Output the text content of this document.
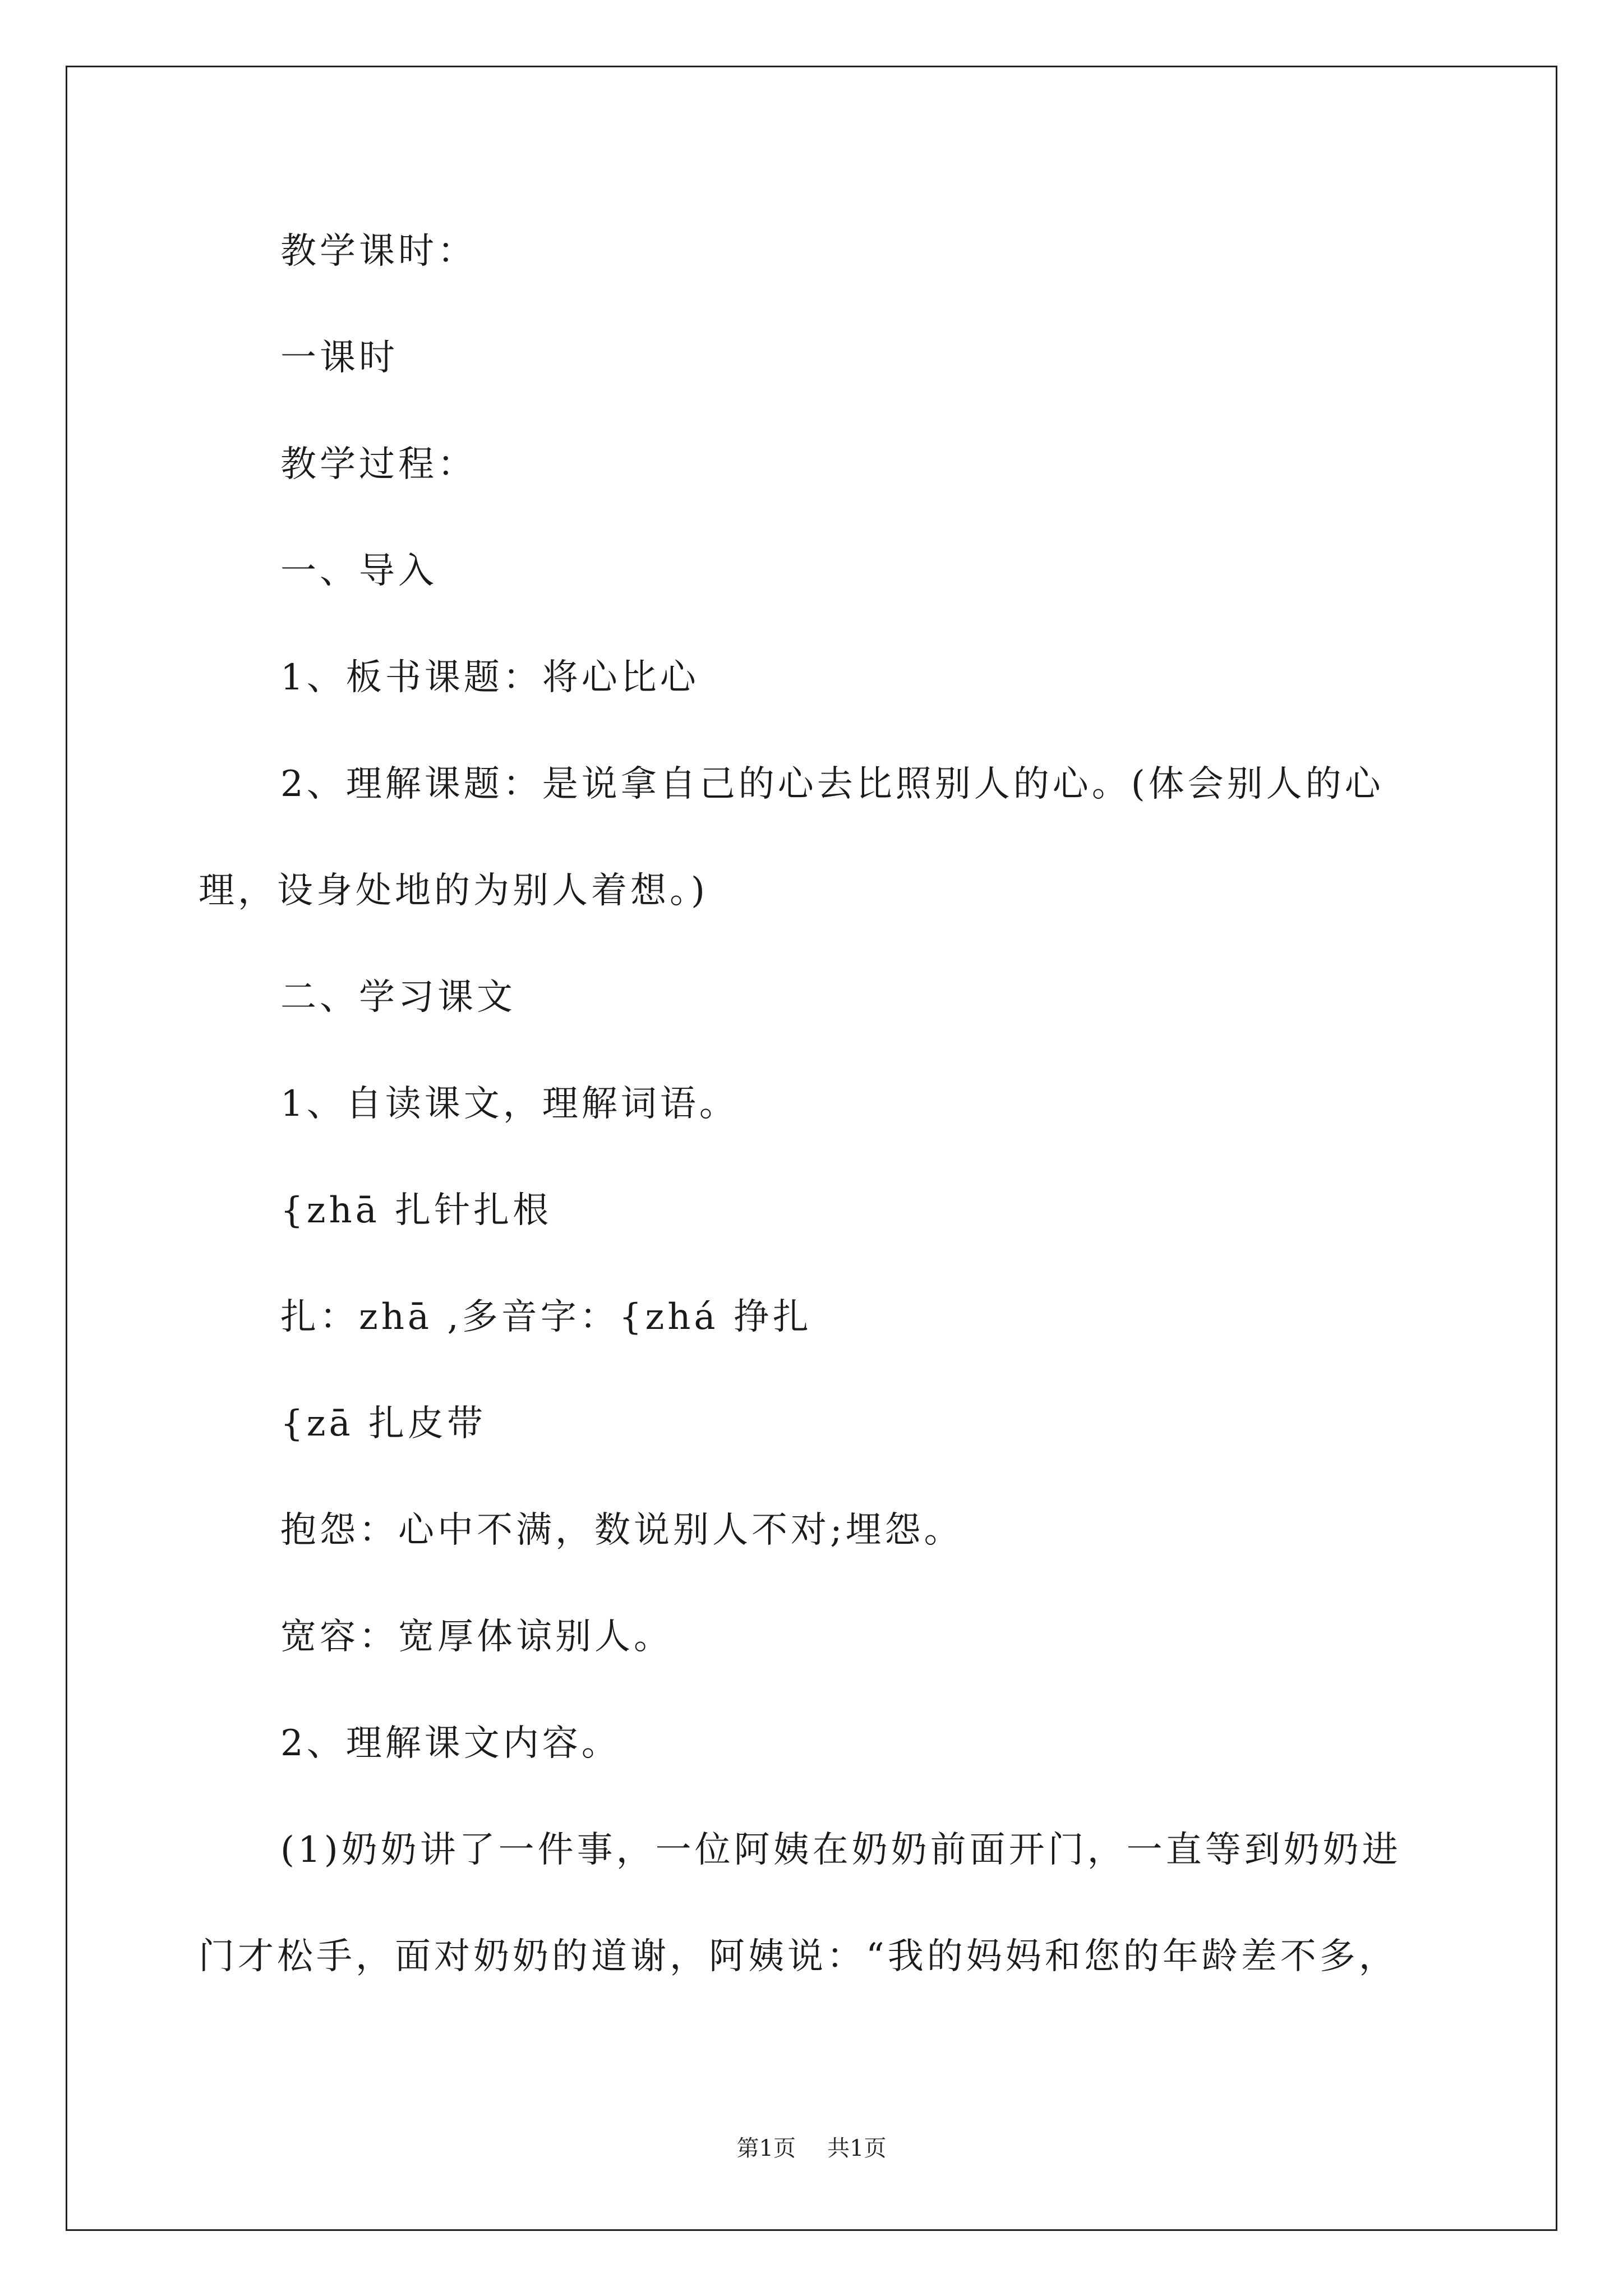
教学课时：
一课时
教学过程：
一、导入
1、板书课题：将心比心
2、理解课题：是说拿自己的心去比照别人的心。(体会别人的心
理，设身处地的为别人着想。)
二、学习课文
1、自读课文，理解词语。
{zhā 扎针扎根
扎：zhā ,多音字：{zhá 挣扎
{zā 扎皮带
抱怨：心中不满，数说别人不对;埋怨。
宽容：宽厚体谅别人。
2、理解课文内容。
(1)奶奶讲了一件事，一位阿姨在奶奶前面开门，一直等到奶奶进
门才松手，面对奶奶的道谢，阿姨说：“我的妈妈和您的年龄差不多，
第1页 共1页
